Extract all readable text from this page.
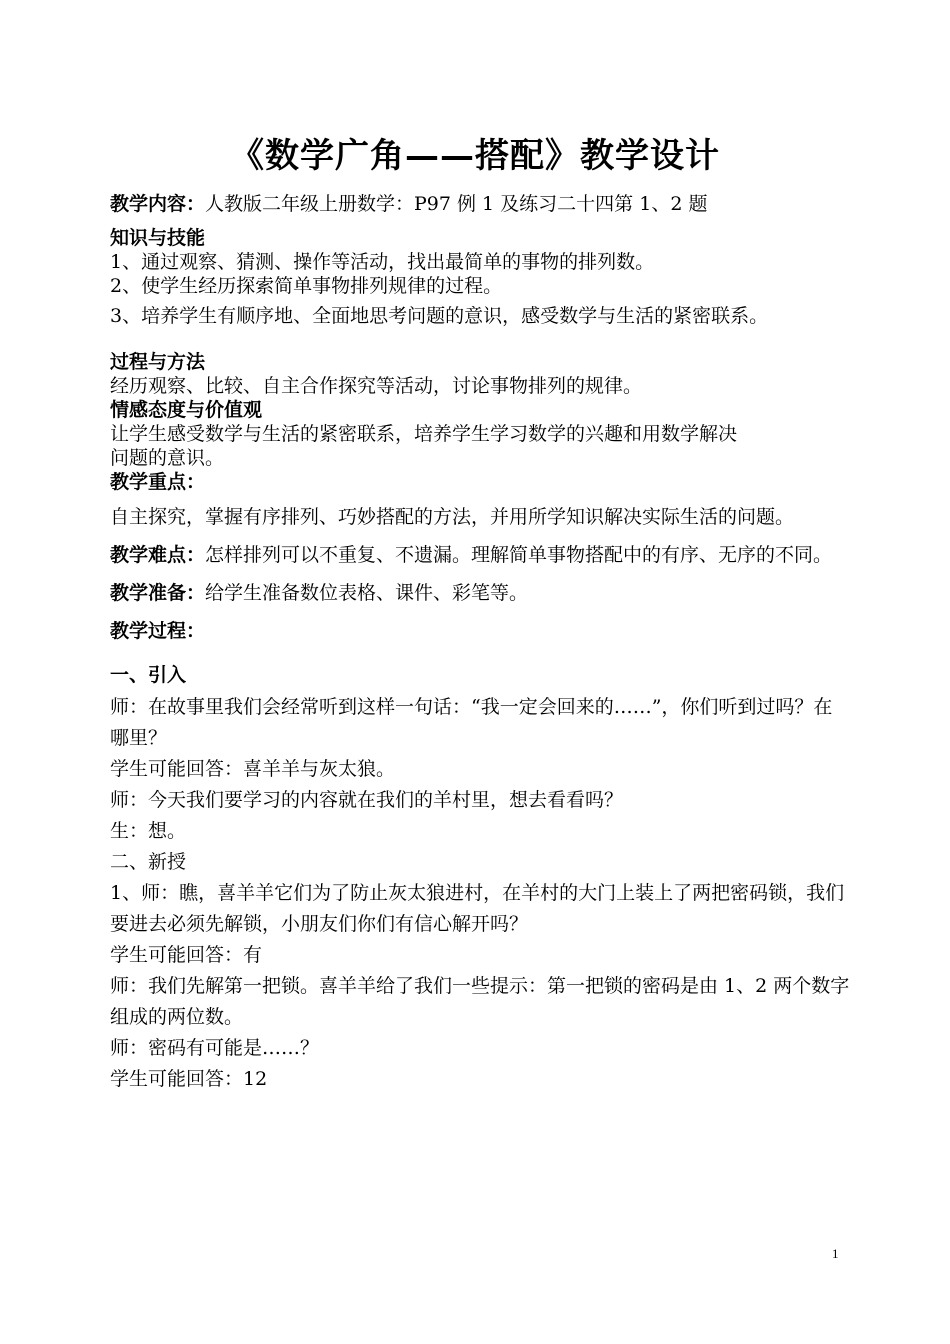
《数学广角——搭配》教学设计
教学内容：人教版二年级上册数学：P97 例 1 及练习二十四第 1、2 题
知识与技能
1、通过观察、猜测、操作等活动，找出最简单的事物的排列数。
2、使学生经历探索简单事物排列规律的过程。
3、培养学生有顺序地、全面地思考问题的意识，感受数学与生活的紧密联系。
过程与方法
经历观察、比较、自主合作探究等活动，讨论事物排列的规律。
情感态度与价值观
让学生感受数学与生活的紧密联系，培养学生学习数学的兴趣和用数学解决
问题的意识。
教学重点：
自主探究，掌握有序排列、巧妙搭配的方法，并用所学知识解决实际生活的问题。
教学难点：怎样排列可以不重复、不遗漏。理解简单事物搭配中的有序、无序的不同。
教学准备：给学生准备数位表格、课件、彩笔等。
教学过程：
一、引入
师：在故事里我们会经常听到这样一句话：“我一定会回来的……”，你们听到过吗？在哪里？
学生可能回答：喜羊羊与灰太狼。
师：今天我们要学习的内容就在我们的羊村里，想去看看吗？
生：想。
二、新授
1、师：瞧，喜羊羊它们为了防止灰太狼进村，在羊村的大门上装上了两把密码锁，我们要进去必须先解锁，小朋友们你们有信心解开吗？
学生可能回答：有
师：我们先解第一把锁。喜羊羊给了我们一些提示：第一把锁的密码是由 1、2 两个数字组成的两位数。
师：密码有可能是……？
学生可能回答：12
1
